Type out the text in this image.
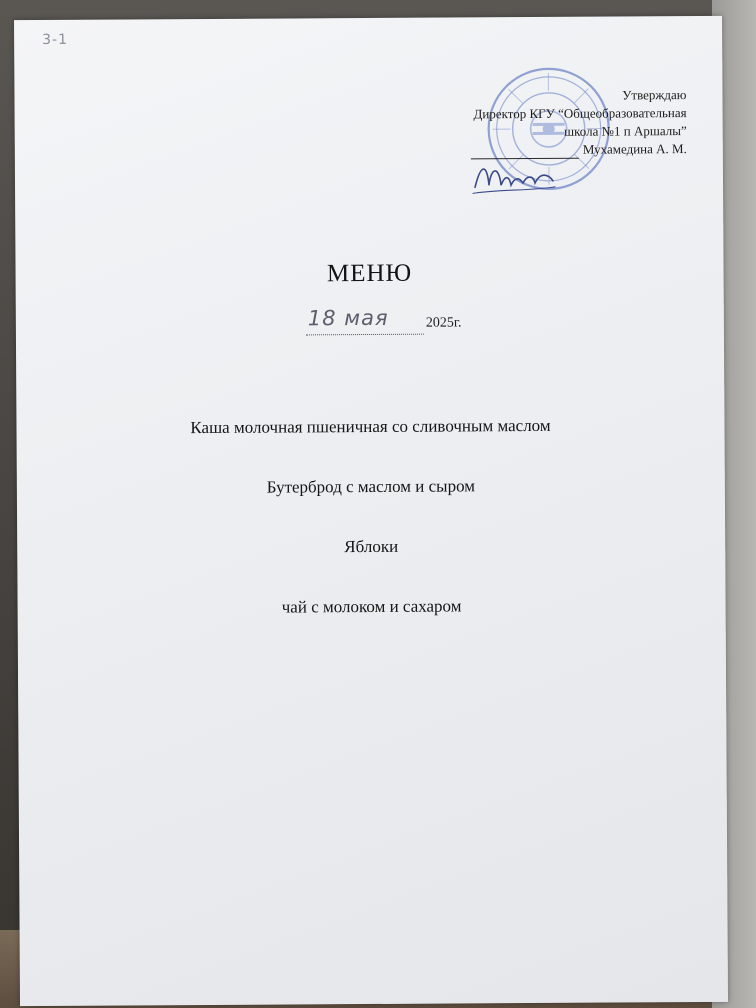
3-1
Утверждаю
Директор КГУ “Общеобразовательная
школа №1 п Аршалы”
Мухамедина А. М.
МЕНЮ
18 мая	2025г.
Каша молочная пшеничная со сливочным маслом
Бутерброд с маслом и сыром
Яблоки
чай с молоком и сахаром
